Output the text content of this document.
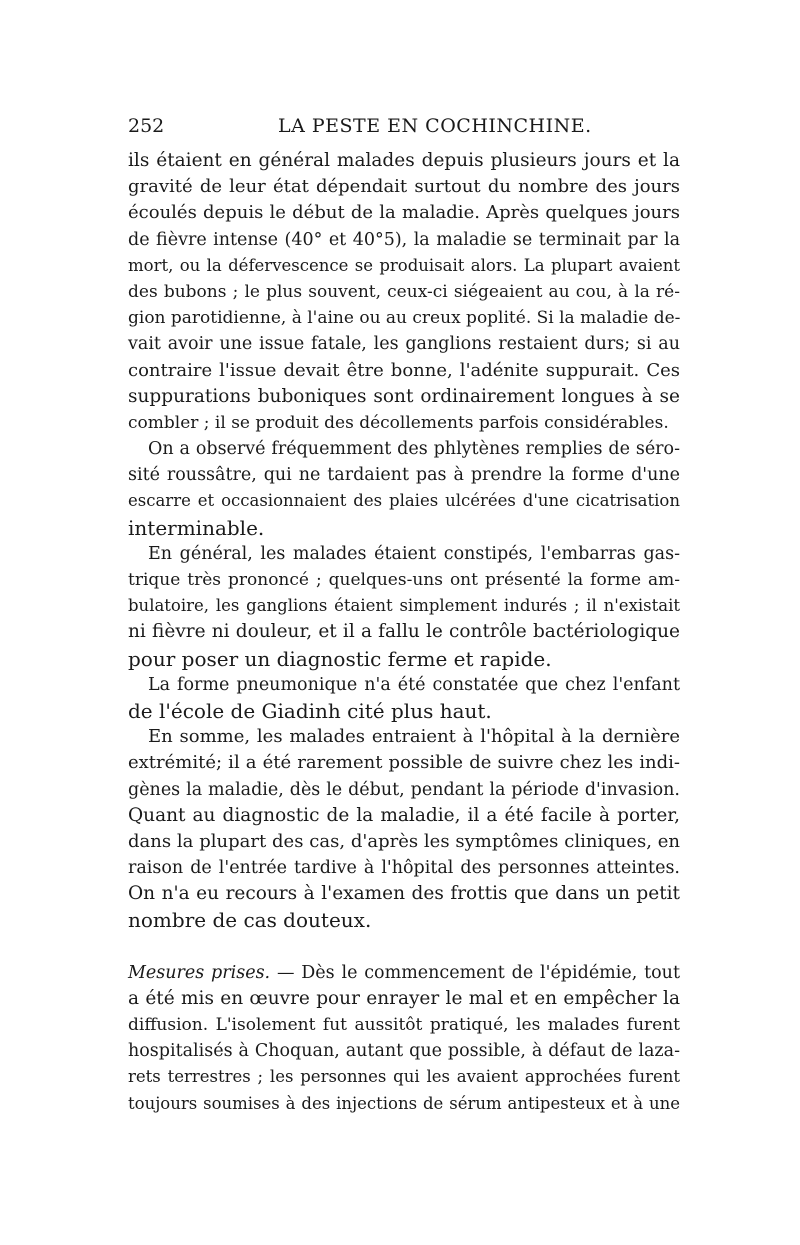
252	LA PESTE EN COCHINCHINE.
ils étaient en général malades depuis plusieurs jours et la
gravité de leur état dépendait surtout du nombre des jours
écoulés depuis le début de la maladie. Après quelques jours
de fièvre intense (40° et 40°5), la maladie se terminait par la
mort, ou la défervescence se produisait alors. La plupart avaient
des bubons ; le plus souvent, ceux-ci siégeaient au cou, à la ré-
gion parotidienne, à l'aine ou au creux poplité. Si la maladie de-
vait avoir une issue fatale, les ganglions restaient durs; si au
contraire l'issue devait être bonne, l'adénite suppurait. Ces
suppurations buboniques sont ordinairement longues à se
combler ; il se produit des décollements parfois considérables.
On a observé fréquemment des phlytènes remplies de séro-
sité roussâtre, qui ne tardaient pas à prendre la forme d'une
escarre et occasionnaient des plaies ulcérées d'une cicatrisation
interminable.
En général, les malades étaient constipés, l'embarras gas-
trique très prononcé ; quelques-uns ont présenté la forme am-
bulatoire, les ganglions étaient simplement indurés ; il n'existait
ni fièvre ni douleur, et il a fallu le contrôle bactériologique
pour poser un diagnostic ferme et rapide.
La forme pneumonique n'a été constatée que chez l'enfant
de l'école de Giadinh cité plus haut.
En somme, les malades entraient à l'hôpital à la dernière
extrémité; il a été rarement possible de suivre chez les indi-
gènes la maladie, dès le début, pendant la période d'invasion.
Quant au diagnostic de la maladie, il a été facile à porter,
dans la plupart des cas, d'après les symptômes cliniques, en
raison de l'entrée tardive à l'hôpital des personnes atteintes.
On n'a eu recours à l'examen des frottis que dans un petit
nombre de cas douteux.
Mesures prises. — Dès le commencement de l'épidémie, tout
a été mis en œuvre pour enrayer le mal et en empêcher la
diffusion. L'isolement fut aussitôt pratiqué, les malades furent
hospitalisés à Choquan, autant que possible, à défaut de laza-
rets terrestres ; les personnes qui les avaient approchées furent
toujours soumises à des injections de sérum antipesteux et à une
